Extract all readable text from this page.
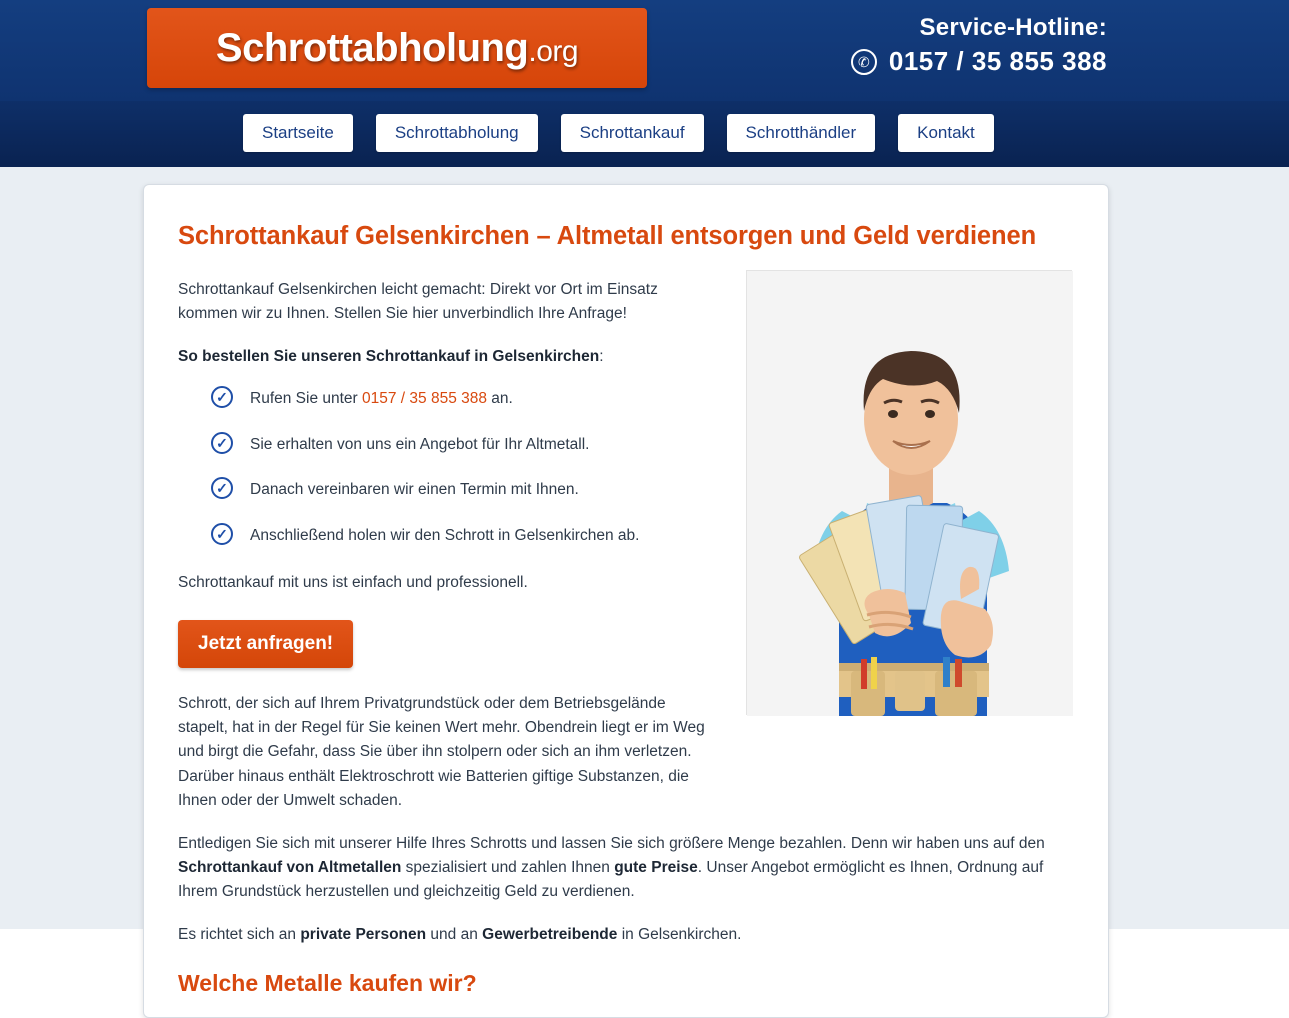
Schrottabholung.org
Service-Hotline:
✆ 0157 / 35 855 388
Startseite	Schrottabholung	Schrottankauf	Schrotthändler	Kontakt
Schrottankauf Gelsenkirchen – Altmetall entsorgen und Geld verdienen

Schrottankauf Gelsenkirchen leicht gemacht: Direkt vor Ort im Einsatz kommen wir zu Ihnen. Stellen Sie hier unverbindlich Ihre Anfrage!

So bestellen Sie unseren Schrottankauf in Gelsenkirchen:

✓	Rufen Sie unter 0157 / 35 855 388 an.
✓	Sie erhalten von uns ein Angebot für Ihr Altmetall.
✓	Danach vereinbaren wir einen Termin mit Ihnen.
✓	Anschließend holen wir den Schrott in Gelsenkirchen ab.

Schrottankauf mit uns ist einfach und professionell.

Jetzt anfragen!

Schrott, der sich auf Ihrem Privatgrundstück oder dem Betriebsgelände stapelt, hat in der Regel für Sie keinen Wert mehr. Obendrein liegt er im Weg und birgt die Gefahr, dass Sie über ihn stolpern oder sich an ihm verletzen. Darüber hinaus enthält Elektroschrott wie Batterien giftige Substanzen, die Ihnen oder der Umwelt schaden.

Entledigen Sie sich mit unserer Hilfe Ihres Schrotts und lassen Sie sich größere Menge bezahlen. Denn wir haben uns auf den Schrottankauf von Altmetallen spezialisiert und zahlen Ihnen gute Preise. Unser Angebot ermöglicht es Ihnen, Ordnung auf Ihrem Grundstück herzustellen und gleichzeitig Geld zu verdienen.

Es richtet sich an private Personen und an Gewerbetreibende in Gelsenkirchen.

Welche Metalle kaufen wir?
